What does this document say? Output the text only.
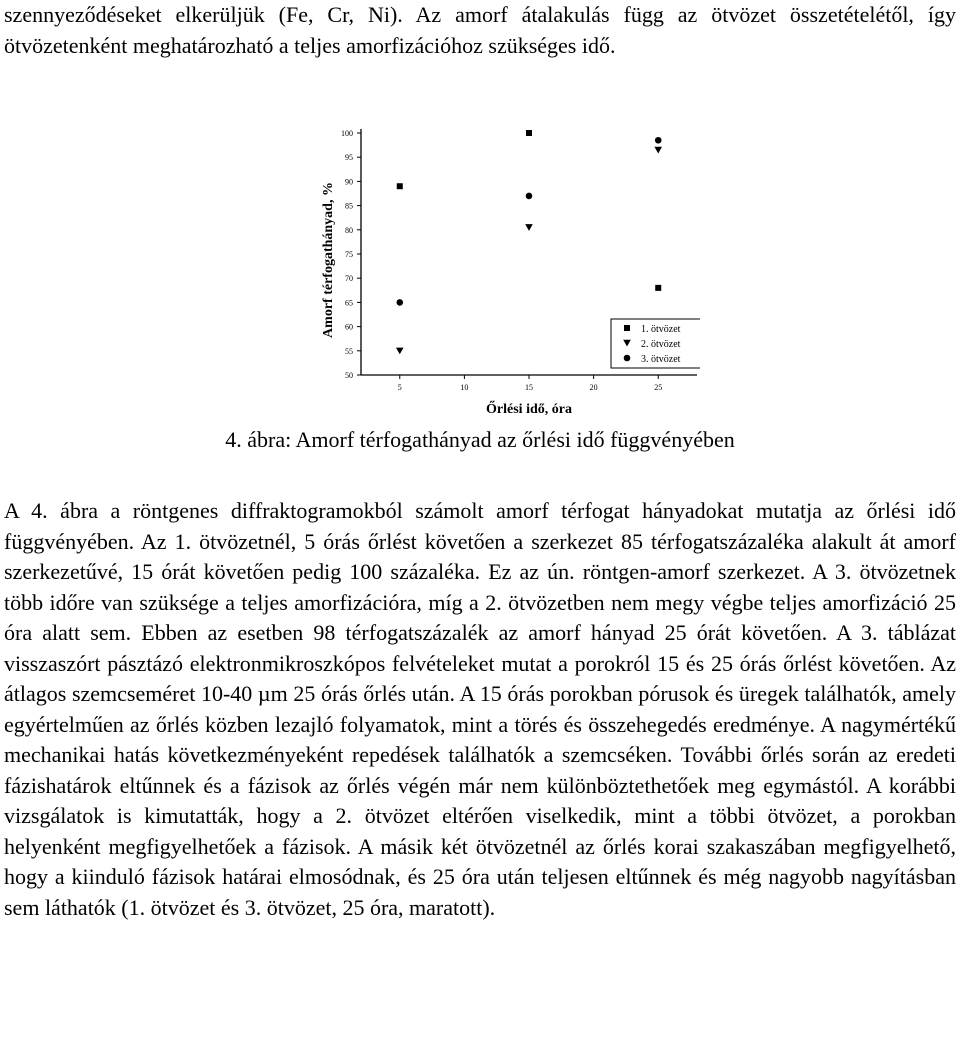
szennyeződéseket elkerüljük (Fe, Cr, Ni). Az amorf átalakulás függ az ötvözet összetételétől, így ötvözetenként meghatározható a teljes amorfizációhoz szükséges idő.

50
55
60
65
70
75
80
85
90
95
100
5	10	15	20	25
1. ötvözet
2. ötvözet
3. ötvözet
Amorf térfogathányad, %
Őrlési idő, óra

4. ábra: Amorf térfogathányad az őrlési idő függvényében

A 4. ábra a röntgenes diffraktogramokból számolt amorf térfogat hányadokat mutatja az őrlési idő függvényében. Az 1. ötvözetnél, 5 órás őrlést követően a szerkezet 85 térfogatszázaléka alakult át amorf szerkezetűvé, 15 órát követően pedig 100 százaléka. Ez az ún. röntgen-amorf szerkezet. A 3. ötvözetnek több időre van szüksége a teljes amorfizációra, míg a 2. ötvözetben nem megy végbe teljes amorfizáció 25 óra alatt sem. Ebben az esetben 98 térfogatszázalék az amorf hányad 25 órát követően. A 3. táblázat visszaszórt pásztázó elektronmikroszkópos felvételeket mutat a porokról 15 és 25 órás őrlést követően. Az átlagos szemcseméret 10-40 µm 25 órás őrlés után. A 15 órás porokban pórusok és üregek találhatók, amely egyértelműen az őrlés közben lezajló folyamatok, mint a törés és összehegedés eredménye. A nagymértékű mechanikai hatás következményeként repedések találhatók a szemcséken. További őrlés során az eredeti fázishatárok eltűnnek és a fázisok az őrlés végén már nem különböztethetőek meg egymástól. A korábbi vizsgálatok is kimutatták, hogy a 2. ötvözet eltérően viselkedik, mint a többi ötvözet, a porokban helyenként megfigyelhetőek a fázisok. A másik két ötvözetnél az őrlés korai szakaszában megfigyelhető, hogy a kiinduló fázisok határai elmosódnak, és 25 óra után teljesen eltűnnek és még nagyobb nagyításban sem láthatók (1. ötvözet és 3. ötvözet, 25 óra, maratott).
